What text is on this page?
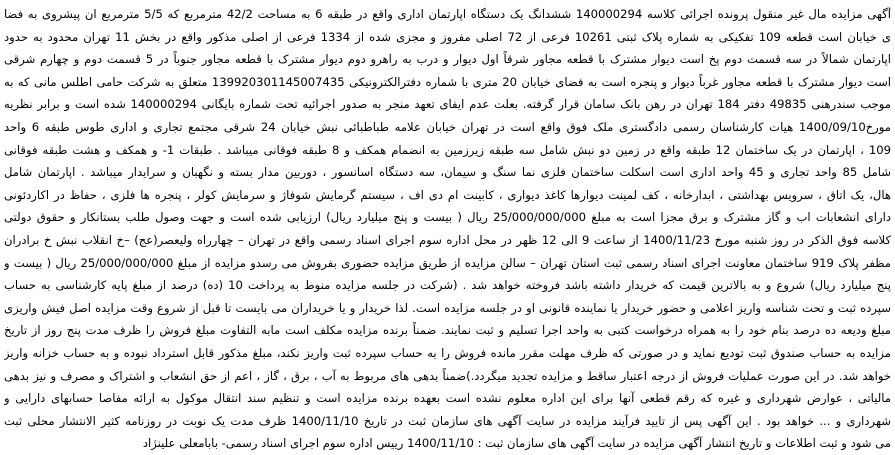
آگهی مزایده مال غیر منقول پرونده اجرائی کلاسه 140000294 ششدانگ یک دستگاه اپارتمان اداری واقع در طبقه 6 به مساحت 42/2 مترمربع که 5/5 مترمربع ان پیشروی به فضا
ی خیابان است قطعه 109 تفکیکی به شماره پلاک ثبتی 10261 فرعی از 72 اصلی مفروز و مجزی شده از 1334 فرعی از اصلی مذکور واقع در بخش 11 تهران محدود به حدود
اپارتمان شمالاً در سه قسمت دوم پخ است دیوار مشترک با قطعه مجاور شرقاً اول دیوار و درب به راهرو دوم دیوار مشترک با قطعه مجاور جنوباً در 5 قسمت دوم و چهارم شرقی
است دیوار مشترک با قطعه مجاور غرباً دیوار و پنجره است به فضای خیابان 20 متری با شماره دفترالکترونیکی 139920301145007435 متعلق به شرکت حامی اطلس مانی که به
موجب سندرهنی 49835 دفتر 184 تهران در رهن بانک سامان قرار گرفته. بعلت عدم ایفای تعهد منجر به صدور اجرائیه تحت شماره بایگانی 140000294 شده است و برابر نظریه
مورخ1400/09/10 هیات کارشناسان رسمی دادگستری ملک فوق واقع است در تهران خیابان علامه طباطبائی نبش خیابان 24 شرقی مجتمع تجاری و اداری طوس طبقه 6 واحد
109 ، اپارتمان در یک ساختمان 12 طبقه واقع در زمین دو نبش شامل سه طبقه زیرزمین به انضمام همکف و 8 طبقه فوقانی میباشد . طبقات 1- و همکف و هشت طبقه فوقانی
شامل 85 واحد تجاری و 45 واحد اداری است اسکلت ساختمان فلزی نما سنگ و سیمان، سه دستگاه اسانسور ، دوربین مدار بسته و نگهبان و سرایدار میباشد . اپارتمان شامل
هال، یک اتاق ، سرویس بهداشتی ، ابدارخانه ، کف لمینت دیوارها کاغذ دیواری ، کابینت ام دی اف ، سیستم گرمایش شوفاژ و سرمایش کولر ، پنجره ها فلزی ، حفاظ در اکاردئونی
دارای انشعابات اب و گاز مشترک و برق مجزا است به مبلغ 25/000/000/000 ریال ( بیست و پنج میلیارد ریال) ارزیابی شده است و جهت وصول طلب بستانکار و حقوق دولتی
کلاسه فوق الذکر در روز شنبه مورخ 1400/11/23 از ساعت 9 الی 12 ظهر در محل اداره سوم اجرای اسناد رسمی واقع در تهران – چهارراه ولیعصر(عج) –خ انقلاب نبش خ برادران
مظفر پلاک 919 ساختمان معاونت اجرای اسناد رسمی ثبت استان تهران – سالن مزایده از طریق مزایده حضوری بفروش می رسدو مزایده از مبلغ 25/000/000/000 ریال ( بیست و
پنج میلیارد ریال) شروع و به بالاترین قیمت که خریدار داشته باشد فروخته خواهد شد . (شرکت در جلسه مزایده منوط به پرداخت 10 (ده) درصد از مبلغ پایه کارشناسی به حساب
سپرده ثبت و تحت شناسه واریز اعلامی و حضور خریدار یا نماینده قانونی او در جلسه مزایده است. لذا خریدار و یا خریداران می بایست تا قبل از شروع وقت مزایده اصل فیش واریزی
مبلغ ودیعه ده درصد بنام خود را به همراه درخواست کتبی به واحد اجرا تسلیم و ثبت نمایند. ضمناً برنده مزایده مکلف است مابه التفاوت مبلغ فروش را ظرف مدت پنج روز از تاریخ
مزایده به حساب صندوق ثبت تودیع نماید و در صورتی که ظرف مهلت مقرر مانده فروش را به حساب سپرده ثبت واریز نکند، مبلغ مذکور قابل استرداد نبوده و به حساب خزانه واریز
خواهد شد. در این صورت عملیات فروش از درجه اعتبار ساقط و مزایده تجدید میگردد.)ضمناً بدهی های مربوط به آب ، برق ، گاز ، اعم از حق انشعاب و اشتراک و مصرف و نیز بدهی
مالیاتی ، عوارض شهرداری و غیره که رقم قطعی آنها برای این اداره معلوم نشده است بعهده برنده مزایده است و تنظیم سند انتقال موکول به ارائه مفاصا حسابهای دارایی و
شهرداری و ... خواهد بود . این آگهی پس از تایید فرآیند مزایده در سایت آگهی های سازمان ثبت در تاریخ 1400/11/10 ظرف مدت یک نوبت در روزنامه کثیر الانتشار محلی ثبت
می شود و ثبت اطلاعات و تاریخ انتشار آگهی مزایده در سایت آگهی های سازمان ثبت : 1400/11/10 رییس اداره سوم اجرای اسناد رسمی- بابامعلی علینژاد
